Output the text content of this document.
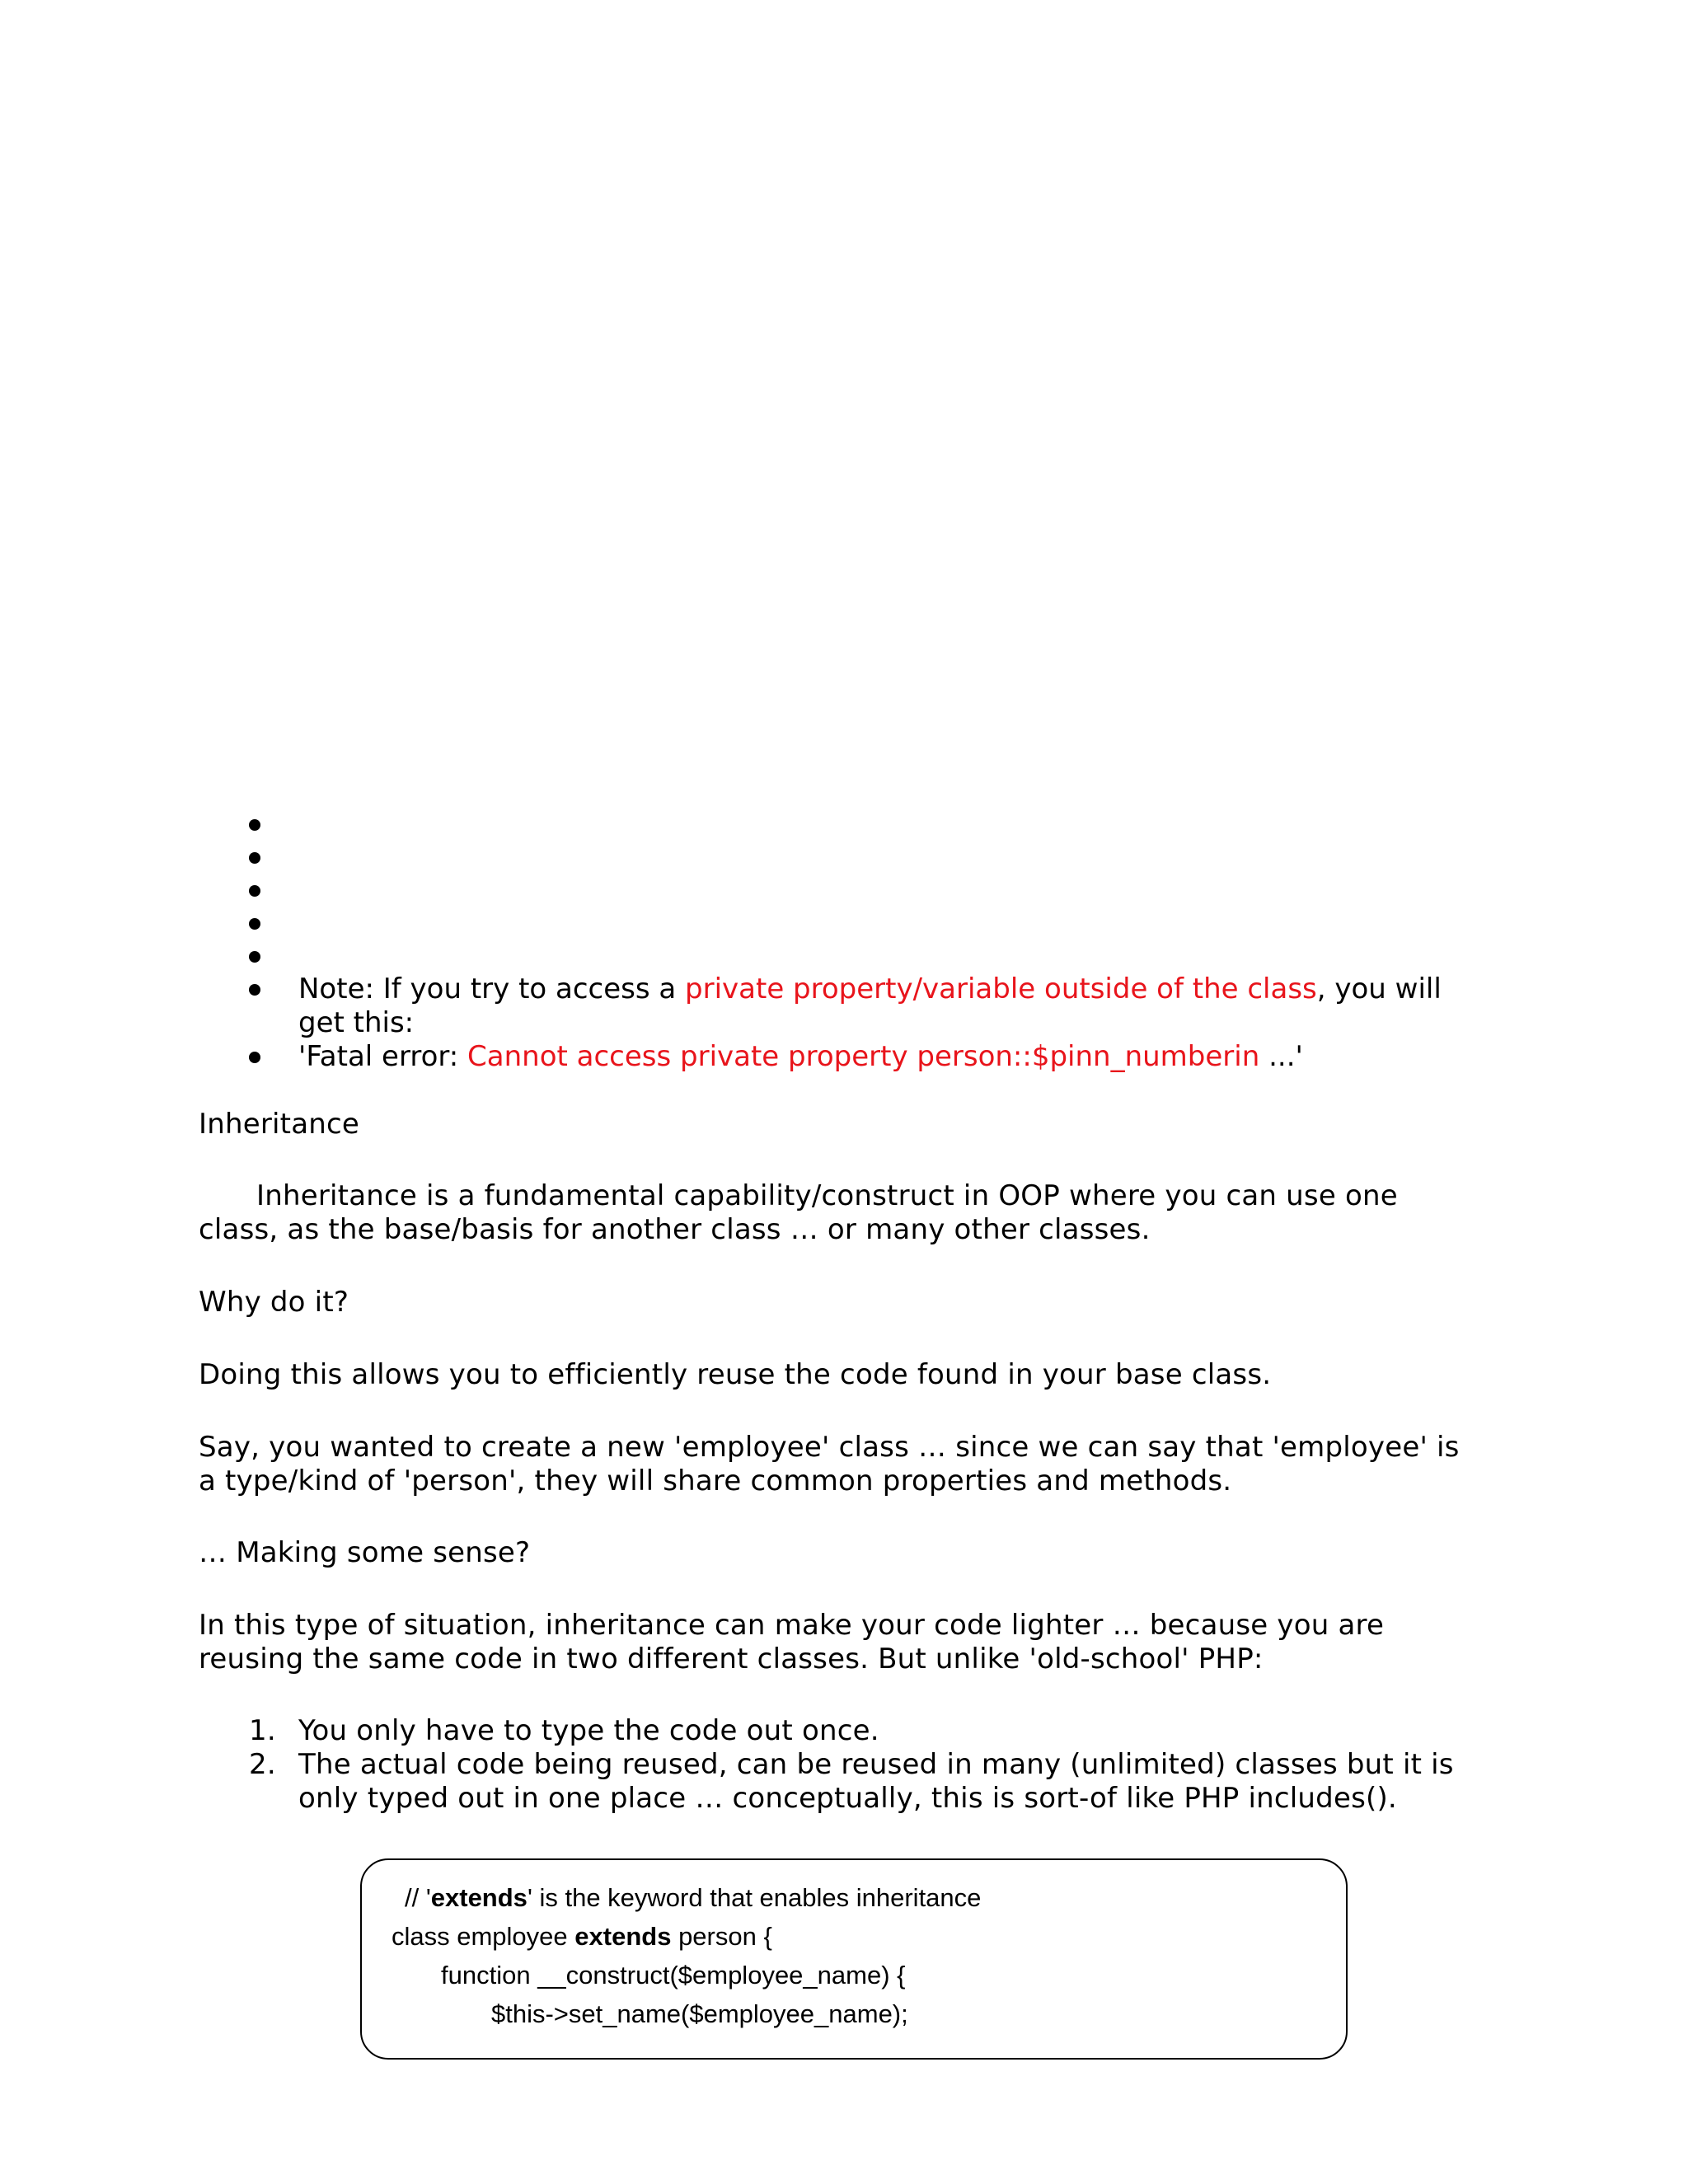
Note: If you try to access a private property/variable outside of the class, you will get this:
'Fatal error: Cannot access private property person::$pinn_numberin ...'
Inheritance
Inheritance is a fundamental capability/construct in OOP where you can use one class, as the base/basis for another class … or many other classes.
Why do it?
Doing this allows you to efficiently reuse the code found in your base class.
Say, you wanted to create a new 'employee' class … since we can say that 'employee' is a type/kind of 'person', they will share common properties and methods.
… Making some sense?
In this type of situation, inheritance can make your code lighter … because you are reusing the same code in two different classes. But unlike 'old-school' PHP:
1. You only have to type the code out once.
2. The actual code being reused, can be reused in many (unlimited) classes but it is only typed out in one place … conceptually, this is sort-of like PHP includes().
// 'extends' is the keyword that enables inheritance
class employee extends person {
function __construct($employee_name) {
$this->set_name($employee_name);
